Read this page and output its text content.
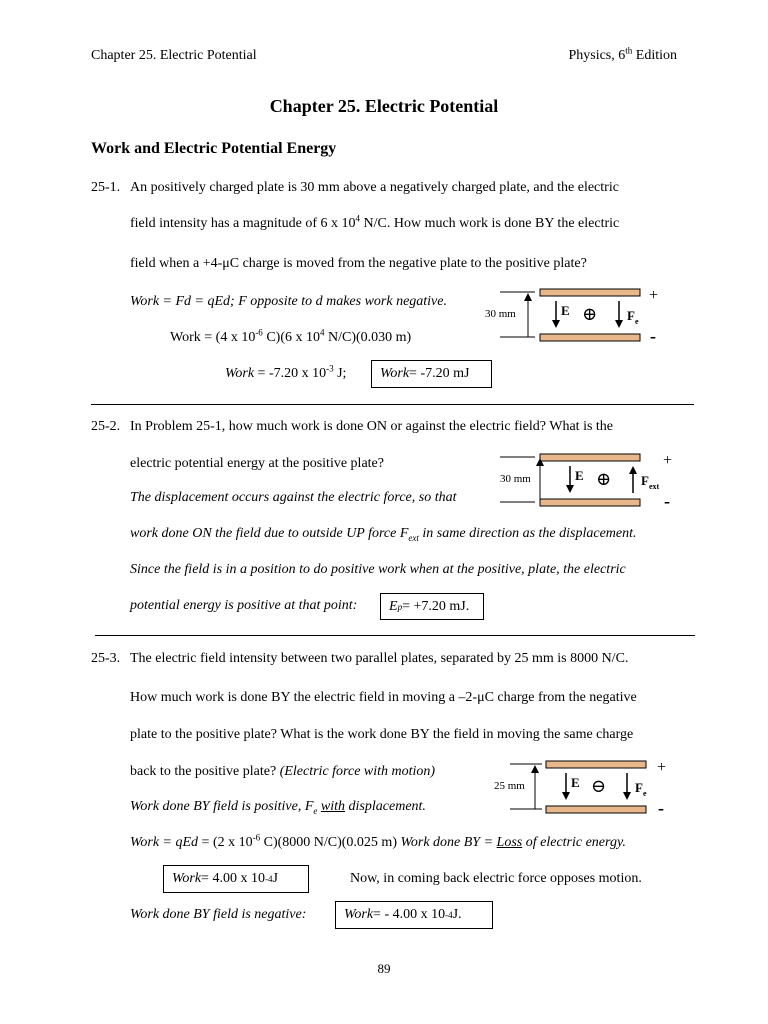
Chapter 25. Electric Potential	Physics, 6th Edition
Chapter 25. Electric Potential
Work and Electric Potential Energy
25-1. An positively charged plate is 30 mm above a negatively charged plate, and the electric
field intensity has a magnitude of 6 x $10^4$ N/C. How much work is done BY the electric
field when a +4-μC charge is moved from the negative plate to the positive plate?
Work = Fd = qEd; F opposite to d makes work negative.
Work = (4 x $10^{-6}$ C)(6 x $10^4$ N/C)(0.030 m)
Work = -7.20 x $10^{-3}$ J; Work = -7.20 mJ
30 mm	E ⊕ $F_e$
+
-
25-2. In Problem 25-1, how much work is done ON or against the electric field? What is the
electric potential energy at the positive plate?
The displacement occurs against the electric force, so that
work done ON the field due to outside UP force $F_{ext}$ in same direction as the displacement.
Since the field is in a position to do positive work when at the positive, plate, the electric
potential energy is positive at that point: E p = +7.20 mJ.
30 mm	E ⊕ $F_{ext}$
+
-
25-3. The electric field intensity between two parallel plates, separated by 25 mm is 8000 N/C.
How much work is done BY the electric field in moving a –2-μC charge from the negative
plate to the positive plate? What is the work done BY the field in moving the same charge
back to the positive plate? (Electric force with motion)
Work done BY field is positive, $F_e$ with displacement.
Work = qEd = (2 x $10^{-6}$ C)(8000 N/C)(0.025 m) Work done BY = Loss of electric energy.
Work = 4.00 x 10 -4 J	Now, in coming back electric force opposes motion.
Work done BY field is negative:	Work = - 4.00 x 10 -4 J.
25 mm	E ⊖ $F_e$
+
-
89
